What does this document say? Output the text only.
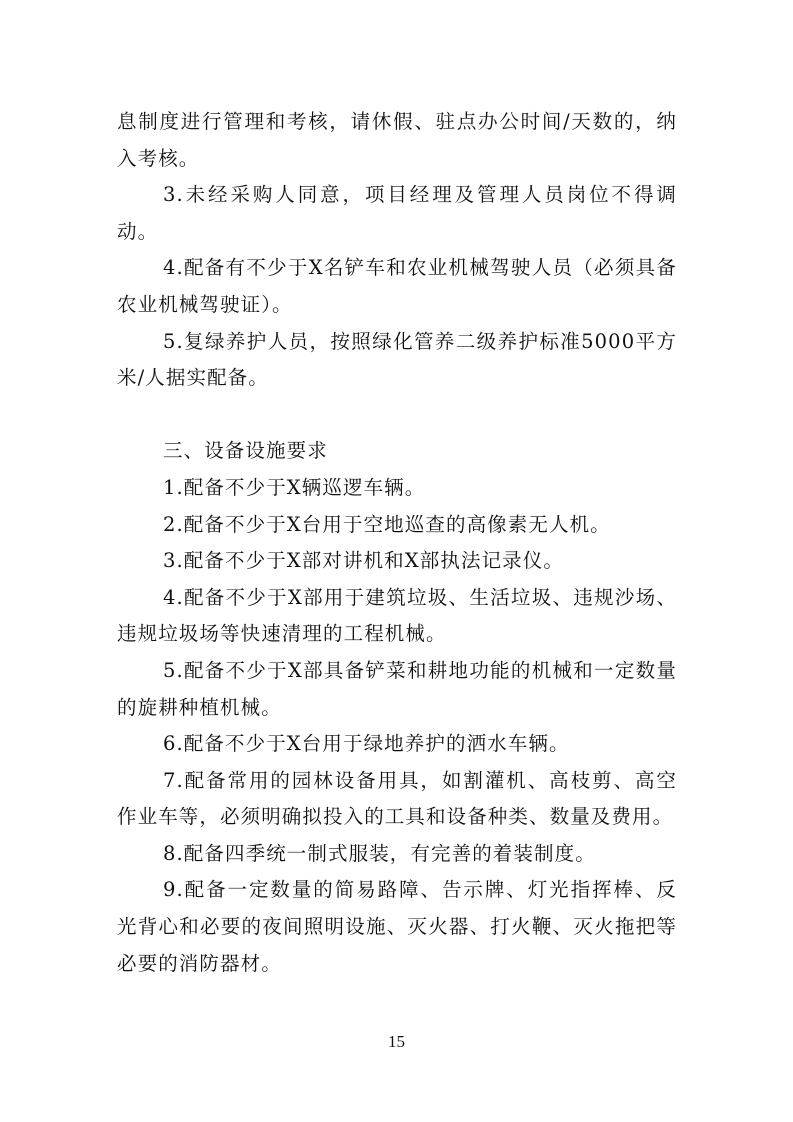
息制度进行管理和考核，请休假、驻点办公时间/天数的，纳入考核。

3.未经采购人同意，项目经理及管理人员岗位不得调动。

4.配备有不少于X名铲车和农业机械驾驶人员（必须具备农业机械驾驶证）。

5.复绿养护人员，按照绿化管养二级养护标准5000平方米/人据实配备。

三、设备设施要求

1.配备不少于X辆巡逻车辆。

2.配备不少于X台用于空地巡查的高像素无人机。

3.配备不少于X部对讲机和X部执法记录仪。

4.配备不少于X部用于建筑垃圾、生活垃圾、违规沙场、违规垃圾场等快速清理的工程机械。

5.配备不少于X部具备铲菜和耕地功能的机械和一定数量的旋耕种植机械。

6.配备不少于X台用于绿地养护的洒水车辆。

7.配备常用的园林设备用具，如割灌机、高枝剪、高空作业车等，必须明确拟投入的工具和设备种类、数量及费用。

8.配备四季统一制式服装，有完善的着装制度。

9.配备一定数量的简易路障、告示牌、灯光指挥棒、反光背心和必要的夜间照明设施、灭火器、打火鞭、灭火拖把等必要的消防器材。

15
